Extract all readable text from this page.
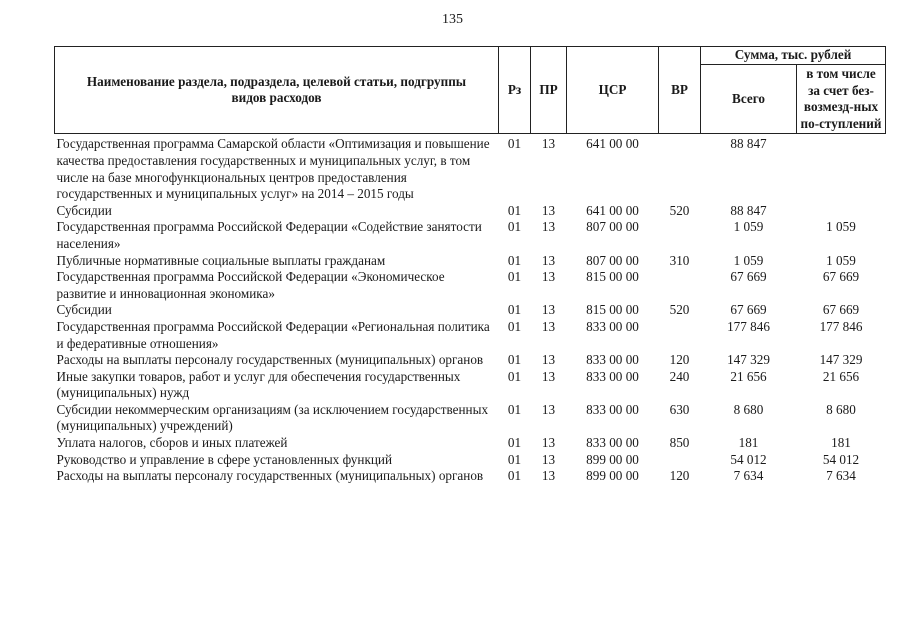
135
Наименование раздела, подраздела, целевой статьи, подгруппы видов расходов	Рз	ПР	ЦСР	ВР	Сумма, тыс. рублей	
					Всего	в том числе за счет без-возмезд-ных по-ступлений
Государственная программа Самарской области «Оптимизация и повышение качества предоставления государственных и муниципальных услуг, в том числе на базе многофункциональных центров предоставления государственных и муниципальных услуг» на 2014 – 2015 годы	01	13	641 00 00		88 847	
Субсидии	01	13	641 00 00	520	88 847	
Государственная программа Российской Федерации «Содействие занятости населения»	01	13	807 00 00		1 059	1 059
Публичные нормативные социальные выплаты гражданам	01	13	807 00 00	310	1 059	1 059
Государственная программа Российской Федерации «Экономическое развитие и инновационная экономика»	01	13	815 00 00		67 669	67 669
Субсидии	01	13	815 00 00	520	67 669	67 669
Государственная программа Российской Федерации «Региональная политика и федеративные отношения»	01	13	833 00 00		177 846	177 846
Расходы на выплаты персоналу государственных (муниципальных) органов	01	13	833 00 00	120	147 329	147 329
Иные закупки товаров, работ и услуг для обеспечения государственных (муниципальных) нужд	01	13	833 00 00	240	21 656	21 656
Субсидии некоммерческим организациям (за исключением государственных (муниципальных) учреждений)	01	13	833 00 00	630	8 680	8 680
Уплата налогов, сборов и иных платежей	01	13	833 00 00	850	181	181
Руководство и управление в сфере установленных функций	01	13	899 00 00		54 012	54 012
Расходы на выплаты персоналу государственных (муниципальных) органов	01	13	899 00 00	120	7 634	7 634
